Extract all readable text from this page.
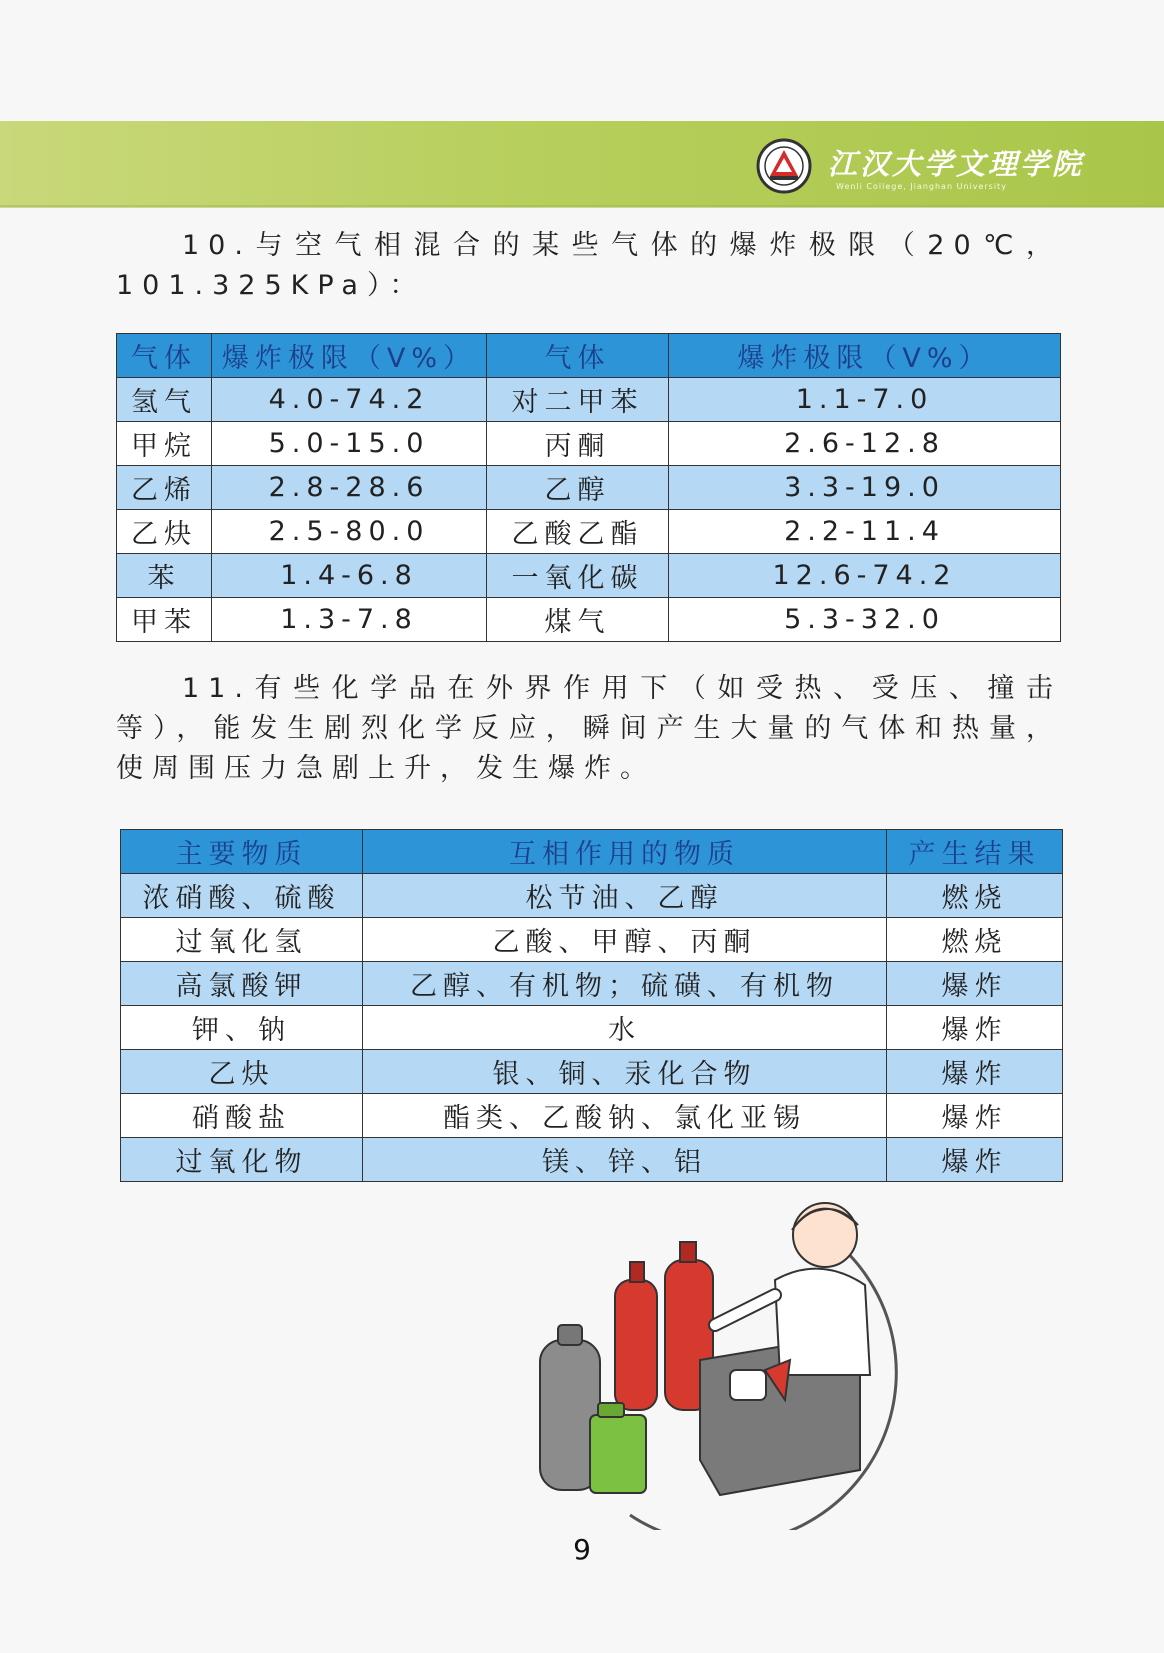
江汉大学文理学院
Wenli College, Jianghan University
10.与空气相混合的某些气体的爆炸极限（20℃，101.325KPa）：
气体	爆炸极限（V%）	气体	爆炸极限（V%）
氢气	4.0-74.2	对二甲苯	1.1-7.0
甲烷	5.0-15.0	丙酮	2.6-12.8
乙烯	2.8-28.6	乙醇	3.3-19.0
乙炔	2.5-80.0	乙酸乙酯	2.2-11.4
苯	1.4-6.8	一氧化碳	12.6-74.2
甲苯	1.3-7.8	煤气	5.3-32.0
11.有些化学品在外界作用下（如受热、受压、撞击等），能发生剧烈化学反应，瞬间产生大量的气体和热量，使周围压力急剧上升，发生爆炸。
主要物质	互相作用的物质	产生结果
浓硝酸、硫酸	松节油、乙醇	燃烧
过氧化氢	乙酸、甲醇、丙酮	燃烧
高氯酸钾	乙醇、有机物；硫磺、有机物	爆炸
钾、钠	水	爆炸
乙炔	银、铜、汞化合物	爆炸
硝酸盐	酯类、乙酸钠、氯化亚锡	爆炸
过氧化物	镁、锌、铝	爆炸
9
